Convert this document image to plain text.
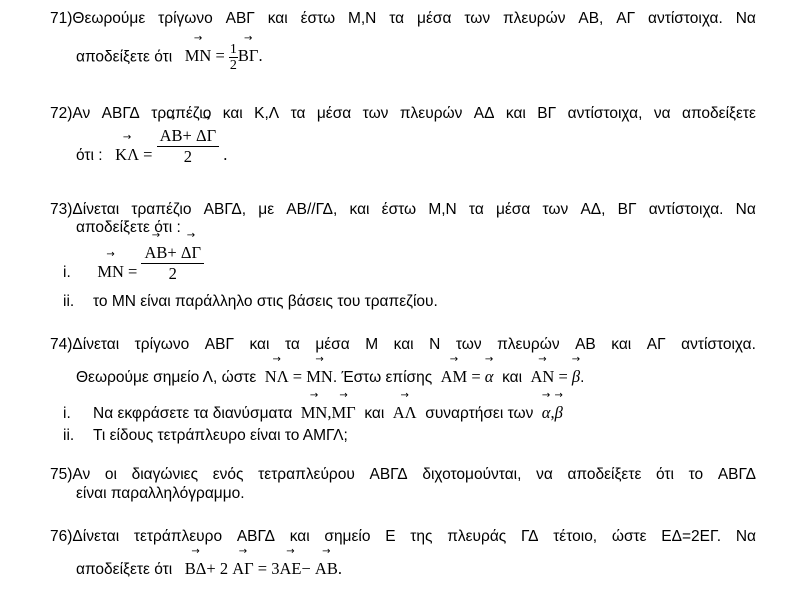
71)Θεωρούμε τρίγωνο ΑΒΓ και έστω Μ,Ν τα μέσα των πλευρών ΑΒ, ΑΓ αντίστοιχα. Να
αποδείξετε ότι   → MN = $\frac{1}{2}$
→ ΒΓ.
72)Αν ΑΒΓΔ τραπέζιο και Κ,Λ τα μέσα των πλευρών ΑΔ και ΒΓ αντίστοιχα, να αποδείξετε
ότι :   → ΚΛ =
→ $\frac{AB+ \to \Delta\Gamma}{2}$ .
73)Δίνεται τραπέζιο ΑΒΓΔ, με ΑΒ//ΓΔ, και έστω Μ,Ν τα μέσα των ΑΔ, ΒΓ αντίστοιχα. Να
αποδείξετε ότι :
i. → ΜΝ =
→ $\frac{AB+ \to \Delta\Gamma}{2}$
ii. το ΜΝ είναι παράλληλο στις βάσεις του τραπεζίου.
74)Δίνεται τρίγωνο ΑΒΓ και τα μέσα Μ και Ν των πλευρών ΑΒ και ΑΓ αντίστοιχα.
Θεωρούμε σημείο Λ, ώστε  → ΝΛ = → ΜΝ. Έστω επίσης  → ΑΜ = → α και  → ΑΝ = → β.
i. Να εκφράσετε τα διανύσματα  → ΜΝ,→ ΜΓ και  → ΑΛ συναρτήσει των  → α,→ β
ii. Τι είδους τετράπλευρο είναι το ΑΜΓΛ;
75)Αν οι διαγώνιες ενός τετραπλεύρου ΑΒΓΔ διχοτομούνται, να αποδείξετε ότι το ΑΒΓΔ
είναι παραλληλόγραμμο.
76)Δίνεται τετράπλευρο ΑΒΓΔ και σημείο Ε της πλευράς ΓΔ τέτοιο, ώστε ΕΔ=2ΕΓ. Να
αποδείξετε ότι   → ΒΔ+ 2 → ΑΓ = 3→ ΑΕ− → ΑΒ.
